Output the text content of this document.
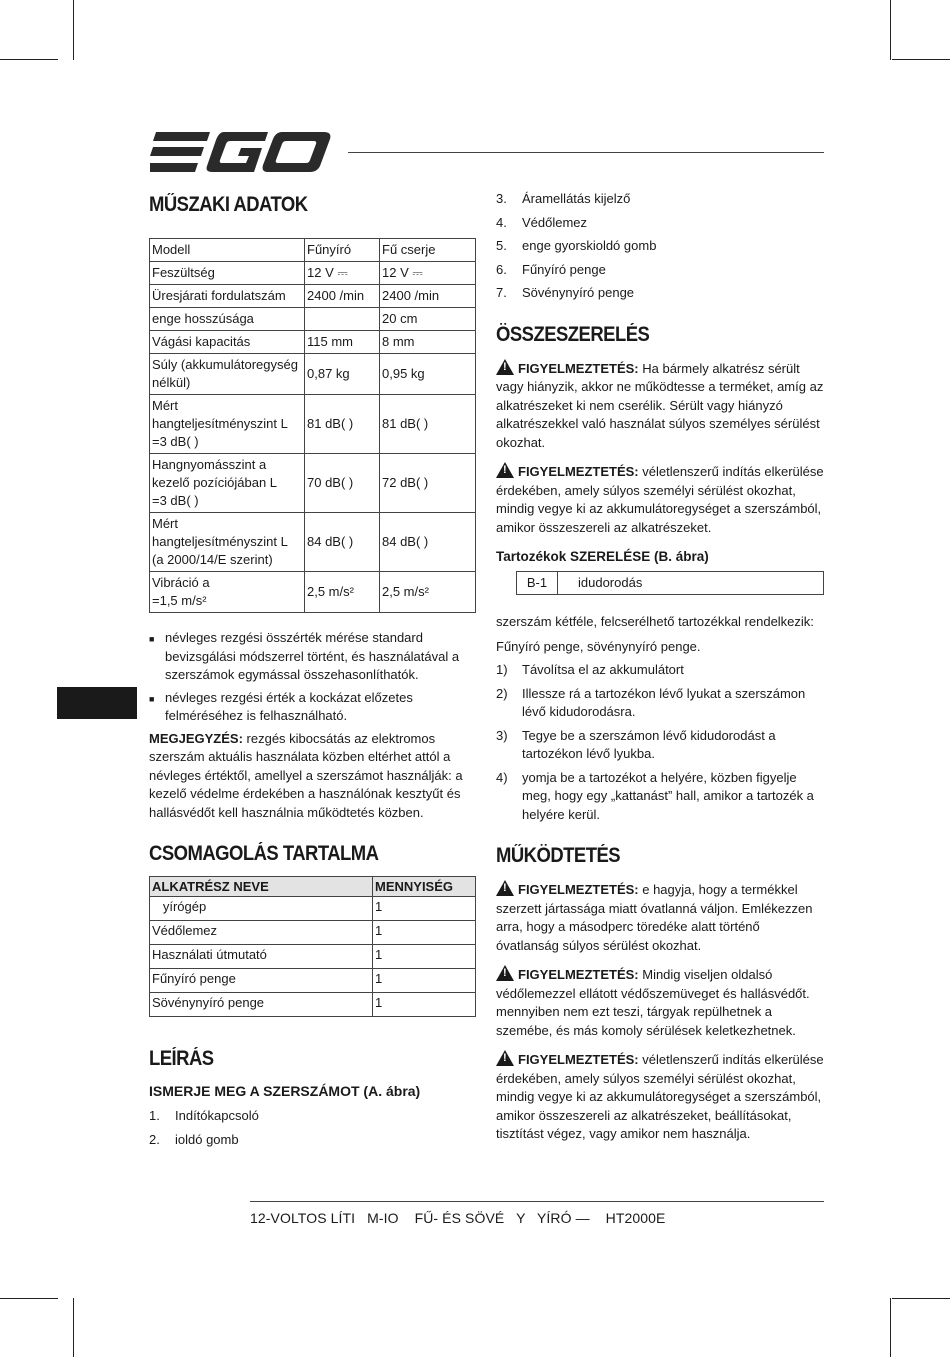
MŰSZAKI ADATOK
Modell	Fűnyíró	Fű cserje
Feszültség	12 V ⎓	12 V ⎓
Üresjárati fordulatszám	2400 /min	2400 /min
enge hosszúsága		20 cm
Vágási kapacitás	115 mm	8 mm
Súly (akkumulátoregység nélkül)	0,87 kg	0,95 kg
Mért hangteljesítményszint L
=3 dB( )	81 dB( )	81 dB( )
Hangnyomásszint a kezelő pozíciójában L
=3 dB( )	70 dB( )	72 dB( )
Mért hangteljesítményszint L (a 2000/14/E szerint)	84 dB( )	84 dB( )
Vibráció a
=1,5 m/s²	2,5 m/s²	2,5 m/s²
■ névleges rezgési összérték mérése standard bevizsgálási módszerrel történt, és használatával a szerszámok egymással összehasonlíthatók.
■ névleges rezgési érték a kockázat előzetes felméréséhez is felhasználható.

MEGJEGYZÉS: rezgés kibocsátás az elektromos szerszám aktuális használata közben eltérhet attól a névleges értéktől, amellyel a szerszámot használják: a kezelő védelme érdekében a használónak kesztyűt és hallásvédőt kell használnia működtetés közben.

CSOMAGOLÁS TARTALMA
ALKATRÉSZ NEVE	MENNYISÉG
yírógép	1
Védőlemez	1
Használati útmutató	1
Fűnyíró penge	1
Sövénynyíró penge	1
LEÍRÁS
ISMERJE MEG A SZERSZÁMOT (A. ábra)
1.	Indítókapcsoló
2.	ioldó gomb
3.	Áramellátás kijelző
4.	Védőlemez
5.	enge gyorskioldó gomb
6.	Fűnyíró penge
7.	Sövénynyíró penge
ÖSSZESZERELÉS

!FIGYELMEZTETÉS: Ha bármely alkatrész sérült vagy hiányzik, akkor ne működtesse a terméket, amíg az alkatrészeket ki nem cserélik. Sérült vagy hiányzó alkatrészekkel való használat súlyos személyes sérülést okozhat.

!FIGYELMEZTETÉS: véletlenszerű indítás elkerülése érdekében, amely súlyos személyi sérülést okozhat, mindig vegye ki az akkumulátoregységet a szerszámból, amikor összeszereli az alkatrészeket.

Tartozékok SZERELÉSE (B. ábra)
B-1	idudorodás

szerszám kétféle, felcserélhető tartozékkal rendelkezik:

Fűnyíró penge, sövénynyíró penge.

1)	Távolítsa el az akkumulátort
2)	Illessze rá a tartozékon lévő lyukat a szerszámon lévő kidudorodásra.
3)	Tegye be a szerszámon lévő kidudorodást a tartozékon lévő lyukba.
4)	yomja be a tartozékot a helyére, közben figyelje meg, hogy egy „kattanást” hall, amikor a tartozék a helyére kerül.
MŰKÖDTETÉS

!FIGYELMEZTETÉS: e hagyja, hogy a termékkel szerzett jártassága miatt óvatlanná váljon. Emlékezzen arra, hogy a másodperc töredéke alatt történő óvatlanság súlyos sérülést okozhat.

!FIGYELMEZTETÉS: Mindig viseljen oldalsó védőlemezzel ellátott védőszemüveget és hallásvédőt. mennyiben nem ezt teszi, tárgyak repülhetnek a szemébe, és más komoly sérülések keletkezhetnek.

!FIGYELMEZTETÉS: véletlenszerű indítás elkerülése érdekében, amely súlyos személyi sérülést okozhat, mindig vegye ki az akkumulátoregységet a szerszámból, amikor összeszereli az alkatrészeket, beállításokat, tisztítást végez, vagy amikor nem használja.

12-VOLTOS LÍTI   M-IO    FŰ- ÉS SÖVÉ   Y   YÍRÓ —    HT2000E
